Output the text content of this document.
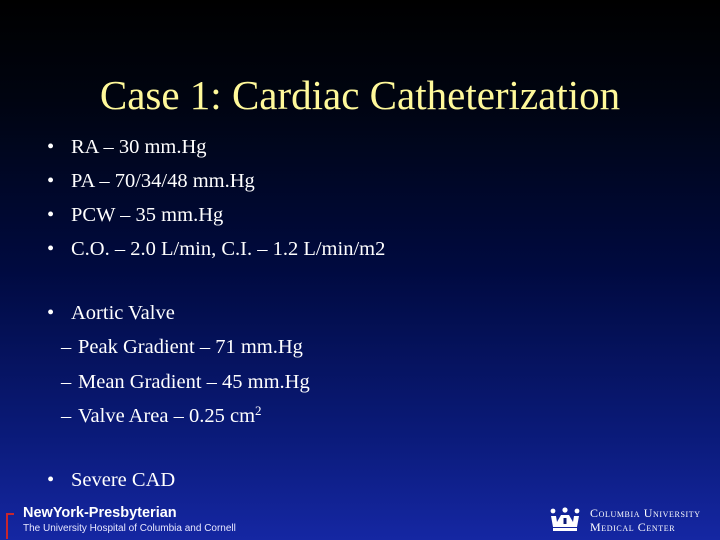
Case 1: Cardiac Catheterization
• RA – 30 mm.Hg
• PA – 70/34/48 mm.Hg
• PCW – 35 mm.Hg
• C.O. – 2.0 L/min, C.I. – 1.2 L/min/m2
• Aortic Valve
– Peak Gradient – 71 mm.Hg
– Mean Gradient – 45 mm.Hg
– Valve Area – 0.25 $cm^2$
• Severe CAD
NewYork-Presbyterian
The University Hospital of Columbia and Cornell
Columbia University
Medical Center
